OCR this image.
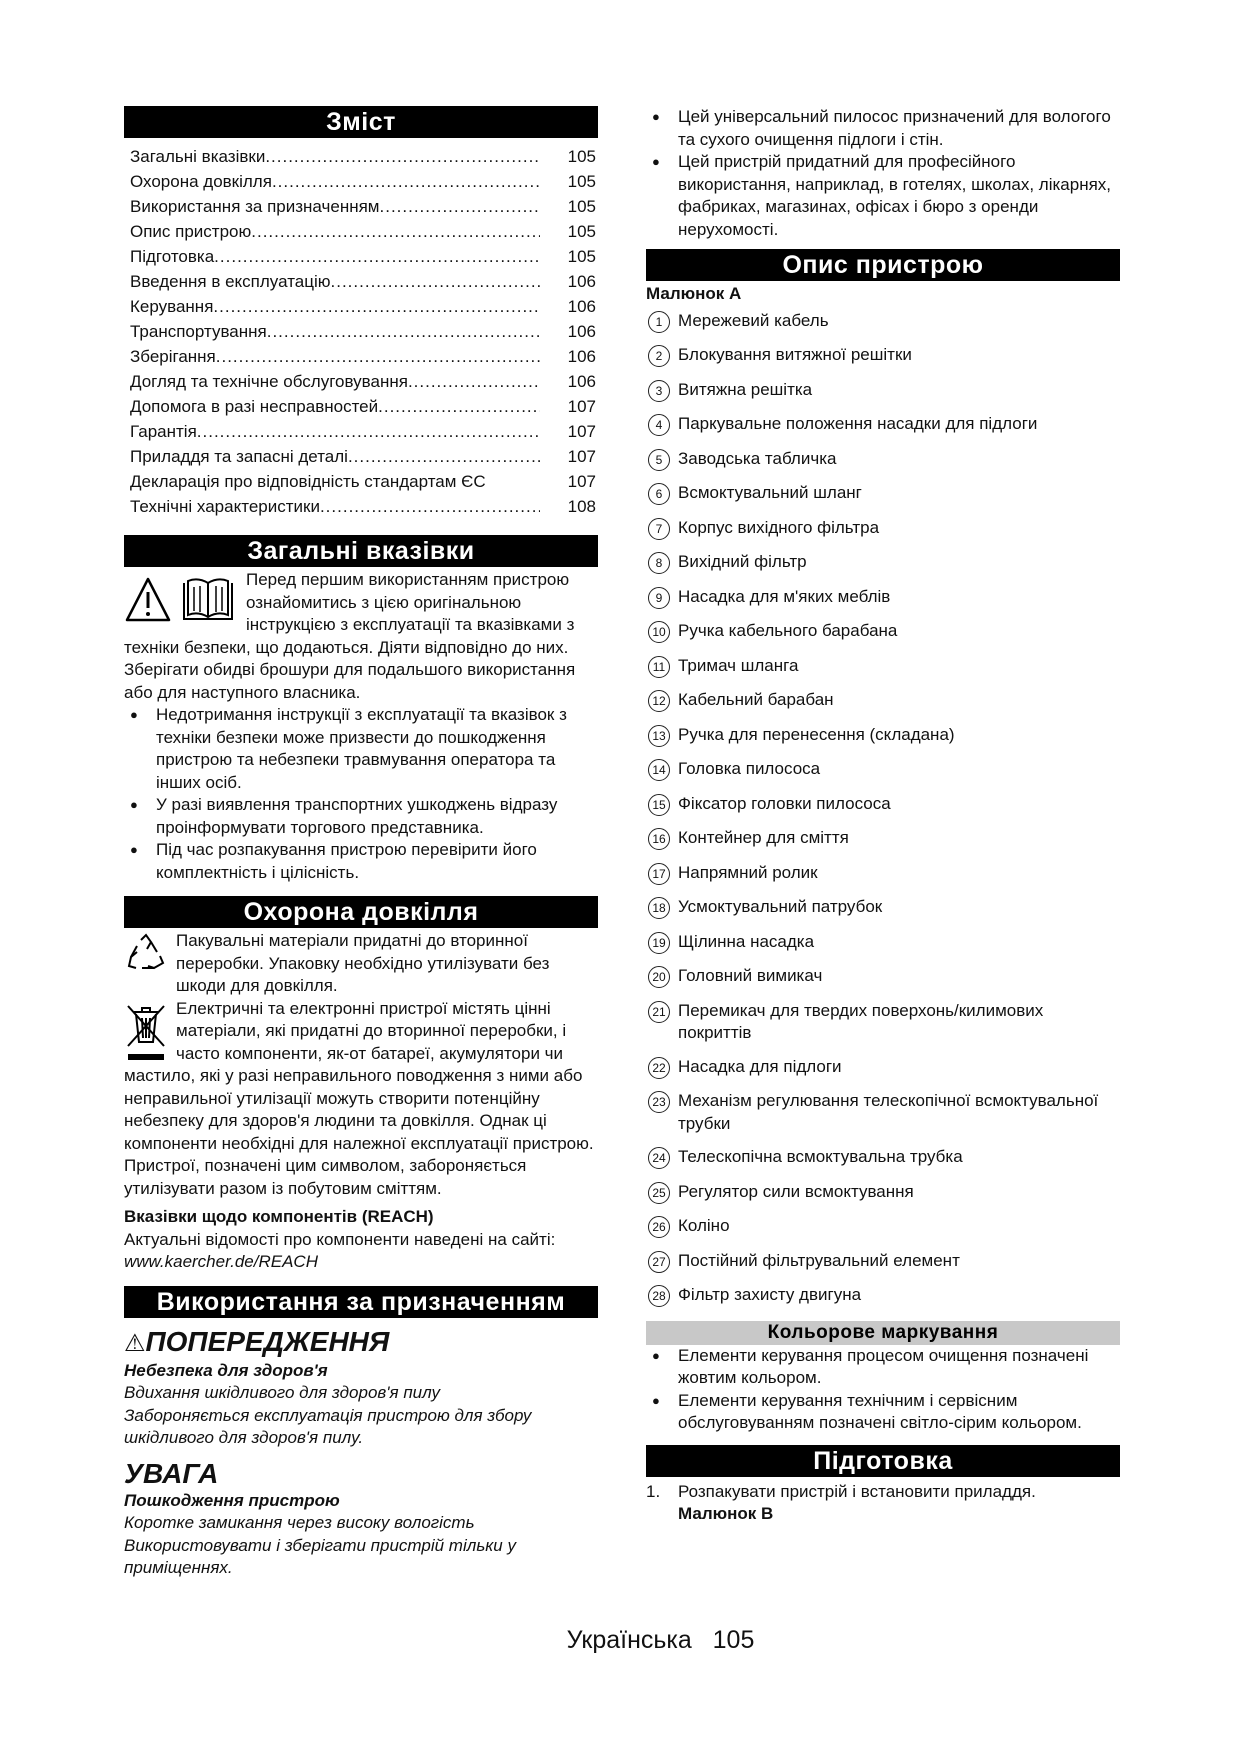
Зміст
Загальні вказівки .....	105
Охорона довкілля .....	105
Використання за призначенням .....	105
Опис пристрою .....	105
Підготовка .....	105
Введення в експлуатацію .....	106
Керування .....	106
Транспортування .....	106
Зберігання .....	106
Догляд та технічне обслуговування .....	106
Допомога в разі несправностей .....	107
Гарантія .....	107
Приладдя та запасні деталі .....	107
Декларація про відповідність стандартам ЄС	107
Технічні характеристики .....	108
Загальні вказівки

Перед першим використанням пристрою ознайомитись з цією оригінальною інструкцією з експлуатації та вказівками з техніки безпеки, що додаються. Діяти відповідно до них.

Зберігати обидві брошури для подальшого використання або для наступного власника.

● Недотримання інструкції з експлуатації та вказівок з техніки безпеки може призвести до пошкодження пристрою та небезпеки травмування оператора та інших осіб.
● У разі виявлення транспортних ушкоджень відразу проінформувати торгового представника.
● Під час розпакування пристрою перевірити його комплектність і цілісність.
Охорона довкілля

Пакувальні матеріали придатні до вторинної переробки. Упаковку необхідно утилізувати без шкоди для довкілля.

Електричні та електронні пристрої містять цінні матеріали, які придатні до вторинної переробки, і часто компоненти, як-от батареї, акумулятори чи мастило, які у разі неправильного поводження з ними або неправильної утилізації можуть створити потенційну небезпеку для здоров'я людини та довкілля. Однак ці компоненти необхідні для належної експлуатації пристрою. Пристрої, позначені цим символом, забороняється утилізувати разом із побутовим сміттям.

Вказівки щодо компонентів (REACH)

Актуальні відомості про компоненти наведені на сайті: www.kaercher.de/REACH

Використання за призначенням
⚠ПОПЕРЕДЖЕННЯ

Небезпека для здоров'я

Вдихання шкідливого для здоров'я пилу

Забороняється експлуатація пристрою для збору шкідливого для здоров'я пилу.

УВАГА

Пошкодження пристрою

Коротке замикання через високу вологість

Використовувати і зберігати пристрій тільки у приміщеннях.

● Цей універсальний пилосос призначений для вологого та сухого очищення підлоги і стін.
● Цей пристрій придатний для професійного використання, наприклад, в готелях, школах, лікарнях, фабриках, магазинах, офісах і бюро з оренди нерухомості.
Опис пристрою

Малюнок A

1 Мережевий кабель
2 Блокування витяжної решітки
3 Витяжна решітка
4 Паркувальне положення насадки для підлоги
5 Заводська табличка
6 Всмоктувальний шланг
7 Корпус вихідного фільтра
8 Вихідний фільтр
9 Насадка для м'яких меблів
10 Ручка кабельного барабана
11 Тримач шланга
12 Кабельний барабан
13 Ручка для перенесення (складана)
14 Головка пилососа
15 Фіксатор головки пилососа
16 Контейнер для сміття
17 Напрямний ролик
18 Усмоктувальний патрубок
19 Щілинна насадка
20 Головний вимикач
21 Перемикач для твердих поверхонь/килимових покриттів
22 Насадка для підлоги
23 Механізм регулювання телескопічної всмоктувальної трубки
24 Телескопічна всмоктувальна трубка
25 Регулятор сили всмоктування
26 Коліно
27 Постійний фільтрувальний елемент
28 Фільтр захисту двигуна
Кольорове маркування
● Елементи керування процесом очищення позначені жовтим кольором.
● Елементи керування технічним і сервісним обслуговуванням позначені світло-сірим кольором.
Підготовка
1. Розпакувати пристрій і встановити приладдя.
Малюнок B
Українська 105
